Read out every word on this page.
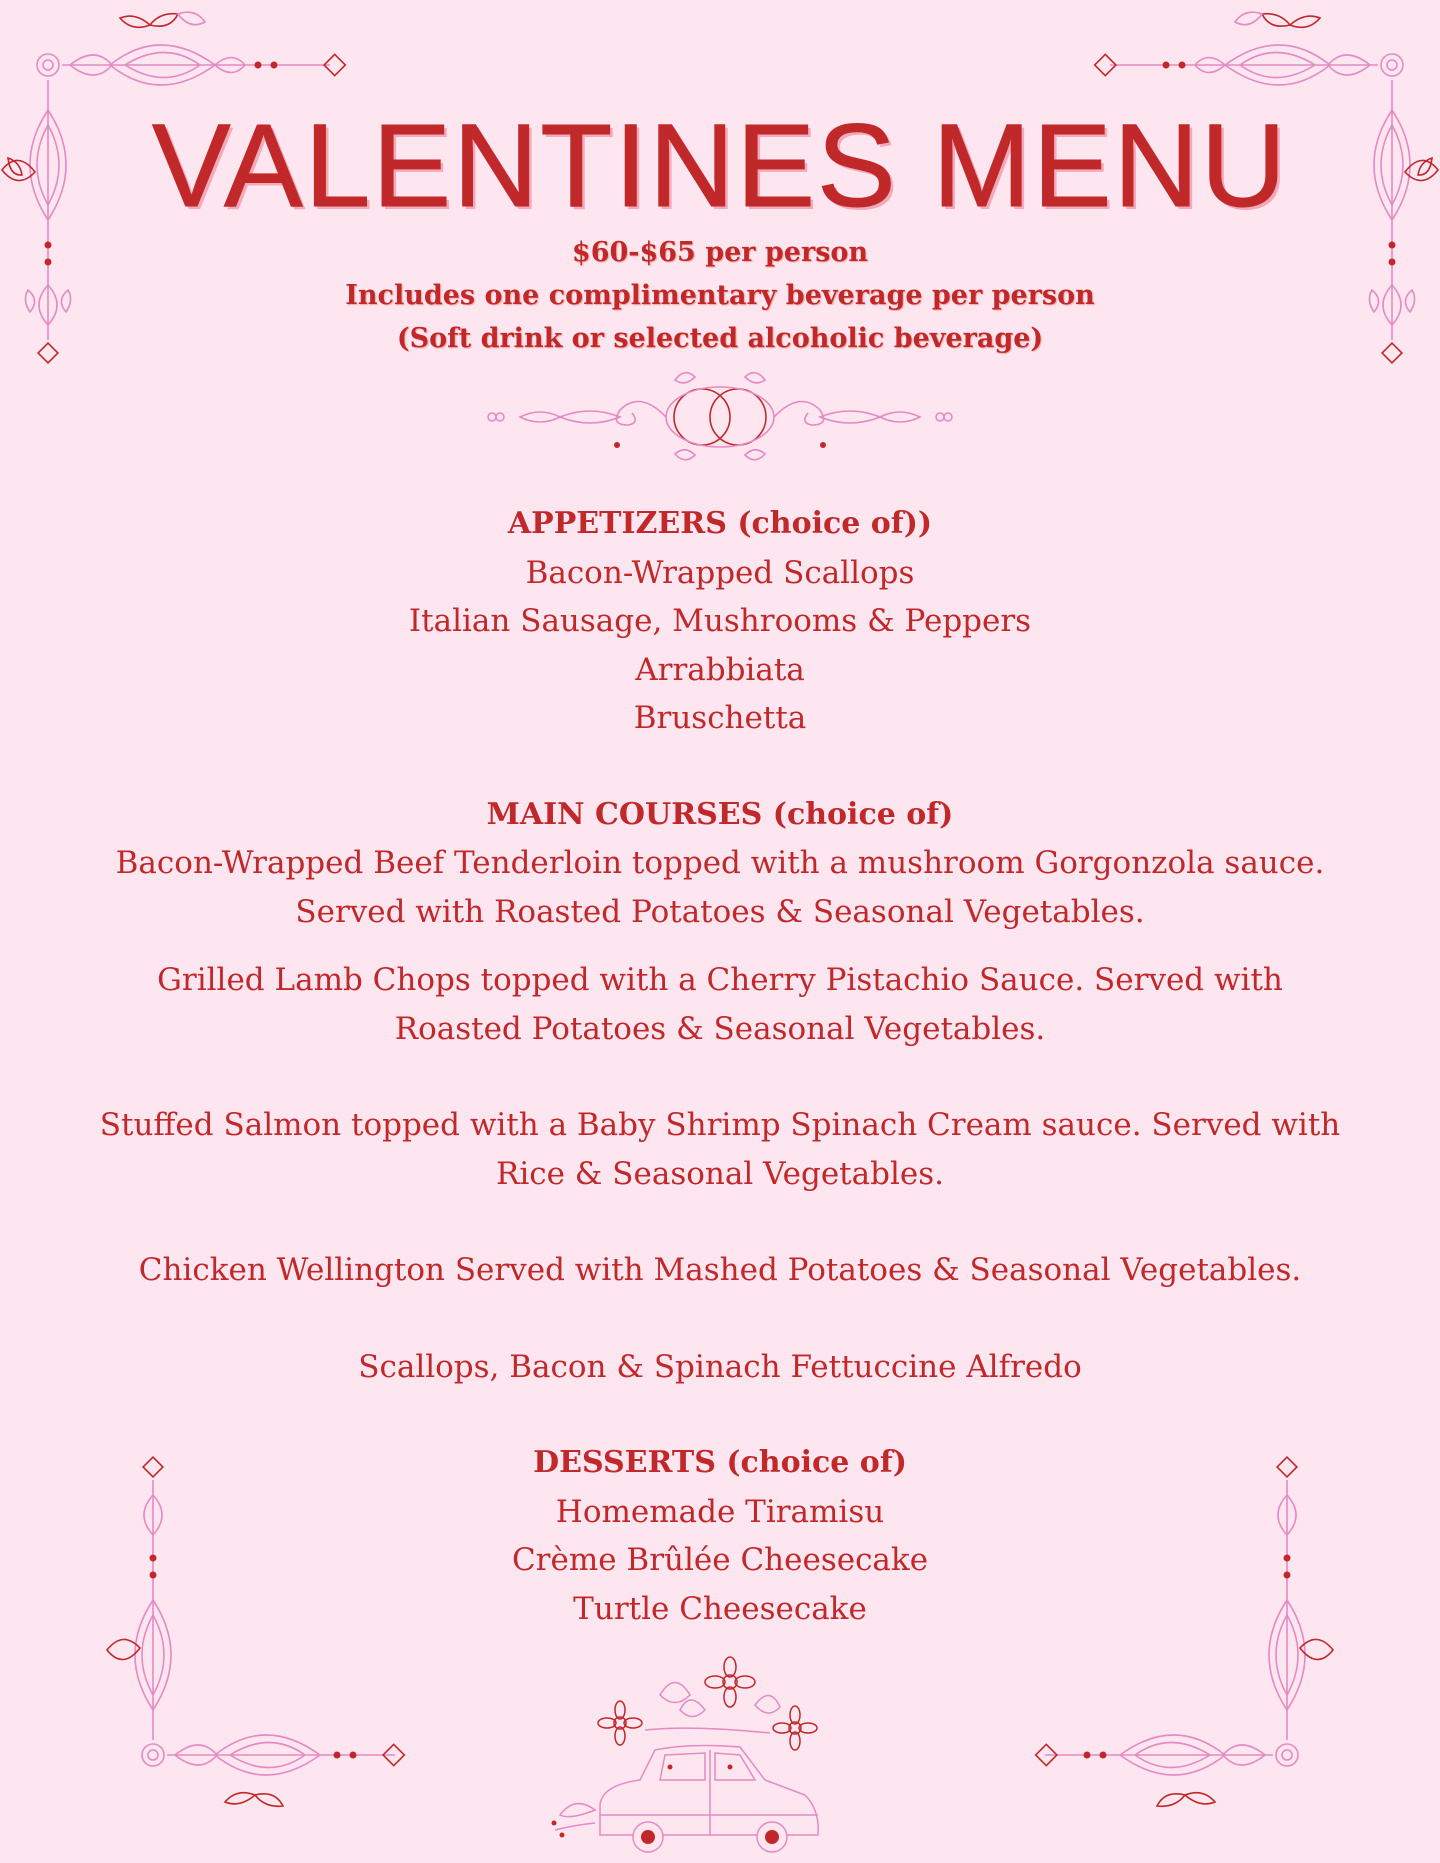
VALENTINES MENU
$60-$65 per person
Includes one complimentary beverage per person
(Soft drink or selected alcoholic beverage)
APPETIZERS (choice of))
Bacon-Wrapped Scallops
Italian Sausage, Mushrooms & Peppers
Arrabbiata
Bruschetta
MAIN COURSES (choice of)
Bacon-Wrapped Beef Tenderloin topped with a mushroom Gorgonzola sauce.
Served with Roasted Potatoes & Seasonal Vegetables.
Grilled Lamb Chops topped with a Cherry Pistachio Sauce. Served with
Roasted Potatoes & Seasonal Vegetables.
Stuffed Salmon topped with a Baby Shrimp Spinach Cream sauce. Served with
Rice & Seasonal Vegetables.
Chicken Wellington Served with Mashed Potatoes & Seasonal Vegetables.
Scallops, Bacon & Spinach Fettuccine Alfredo
DESSERTS (choice of)
Homemade Tiramisu
Crème Brûlée Cheesecake
Turtle Cheesecake
